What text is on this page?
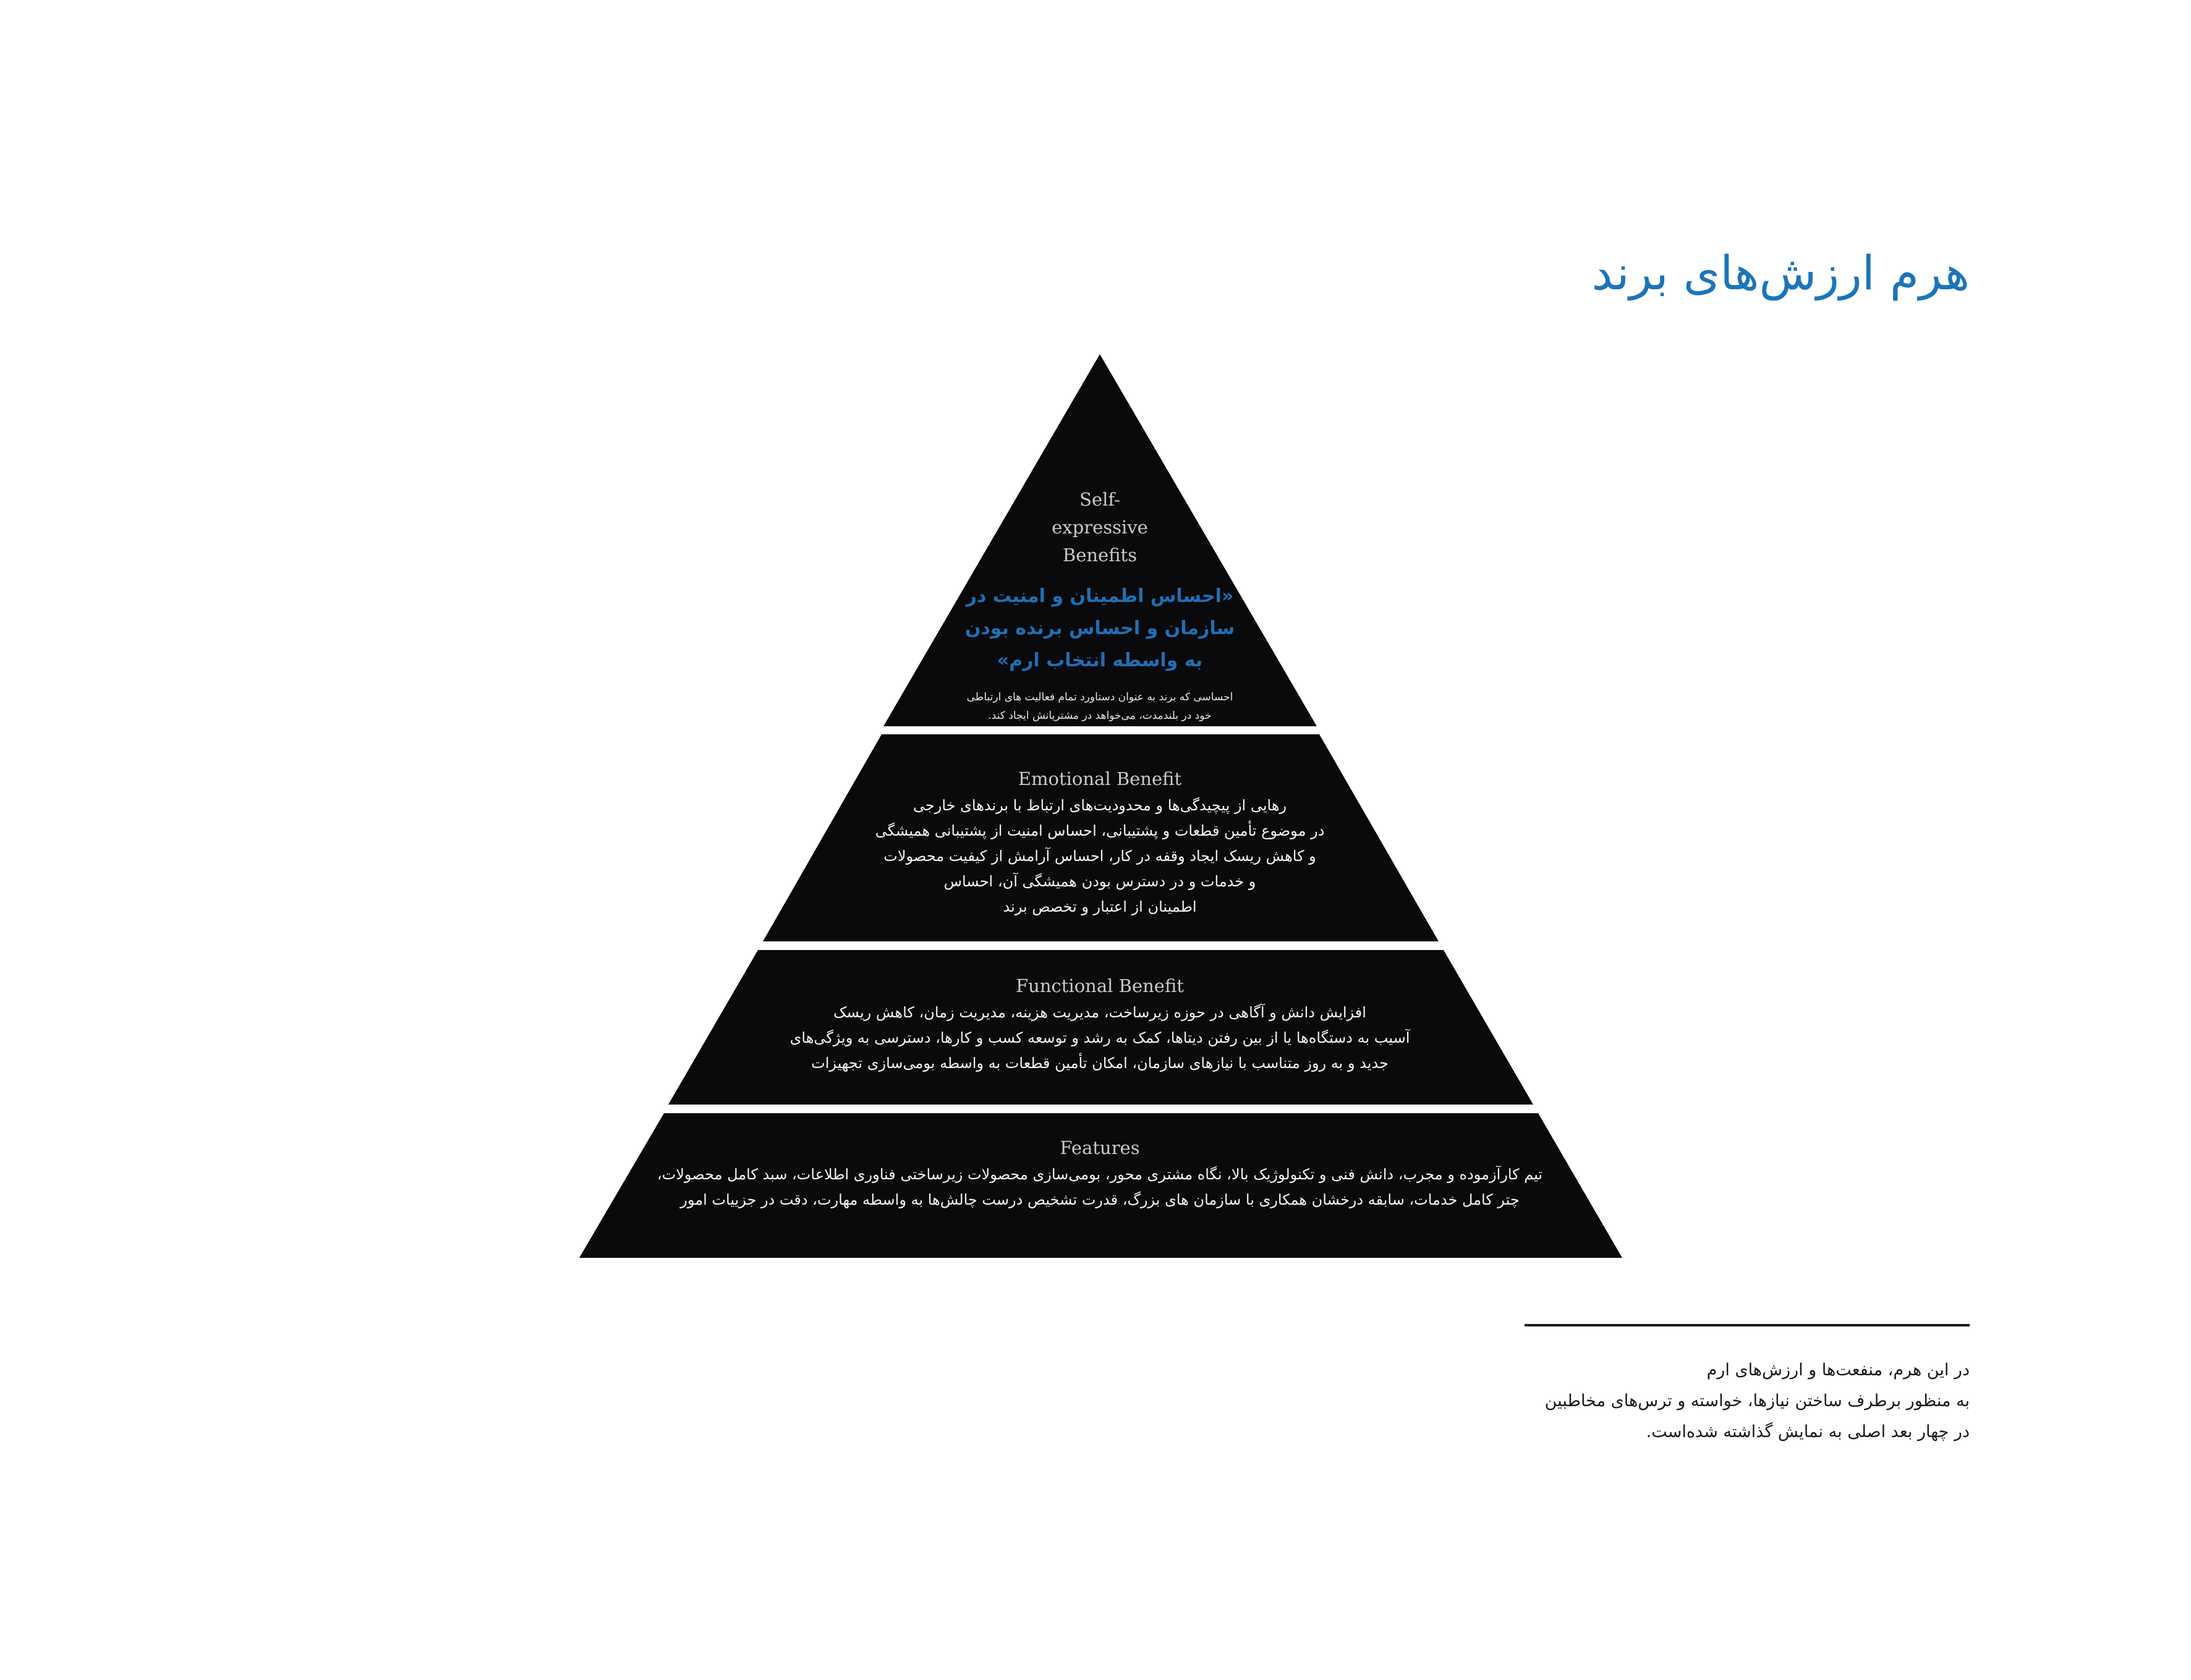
هرم ارزش‌های برند
Self-expressive Benefits
«احساس اطمینان و امنیت در
سازمان و احساس برنده بودن
به واسطه انتخاب ارم»
احساسی که برند به عنوان دستاورد تمام فعالیت های ارتباطی
خود در بلندمدت، می‌خواهد در مشتریانش ایجاد کند.
Emotional Benefit
رهایی از پیچیدگی‌ها و محدودیت‌های ارتباط با برندهای خارجی
در موضوع تأمین قطعات و پشتیبانی، احساس امنیت از پشتیبانی همیشگی
و کاهش ریسک ایجاد وقفه در کار، احساس آرامش از کیفیت محصولات
و خدمات و در دسترس بودن همیشگی آن، احساس
اطمینان از اعتبار و تخصص برند
Functional Benefit
افزایش دانش و آگاهی در حوزه زیرساخت، مدیریت هزینه، مدیریت زمان، کاهش ریسک
آسیب به دستگاه‌ها یا از بین رفتن دیتاها، کمک به رشد و توسعه کسب و کارها، دسترسی به ویژگی‌های
جدید و به روز متناسب با نیازهای سازمان، امکان تأمین قطعات به واسطه بومی‌سازی تجهیزات
Features
تیم کارآزموده و مجرب، دانش فنی و تکنولوژیک بالا، نگاه مشتری محور، بومی‌سازی محصولات زیرساختی فناوری اطلاعات، سبد کامل محصولات،
چتر کامل خدمات، سابقه درخشان همکاری با سازمان های بزرگ، قدرت تشخیص درست چالش‌ها به واسطه مهارت، دقت در جزییات امور
در این هرم، منفعت‌ها و ارزش‌های ارم
به منظور برطرف ساختن نیازها، خواسته و ترس‌های مخاطبین
در چهار بعد اصلی به نمایش گذاشته شده‌است.
